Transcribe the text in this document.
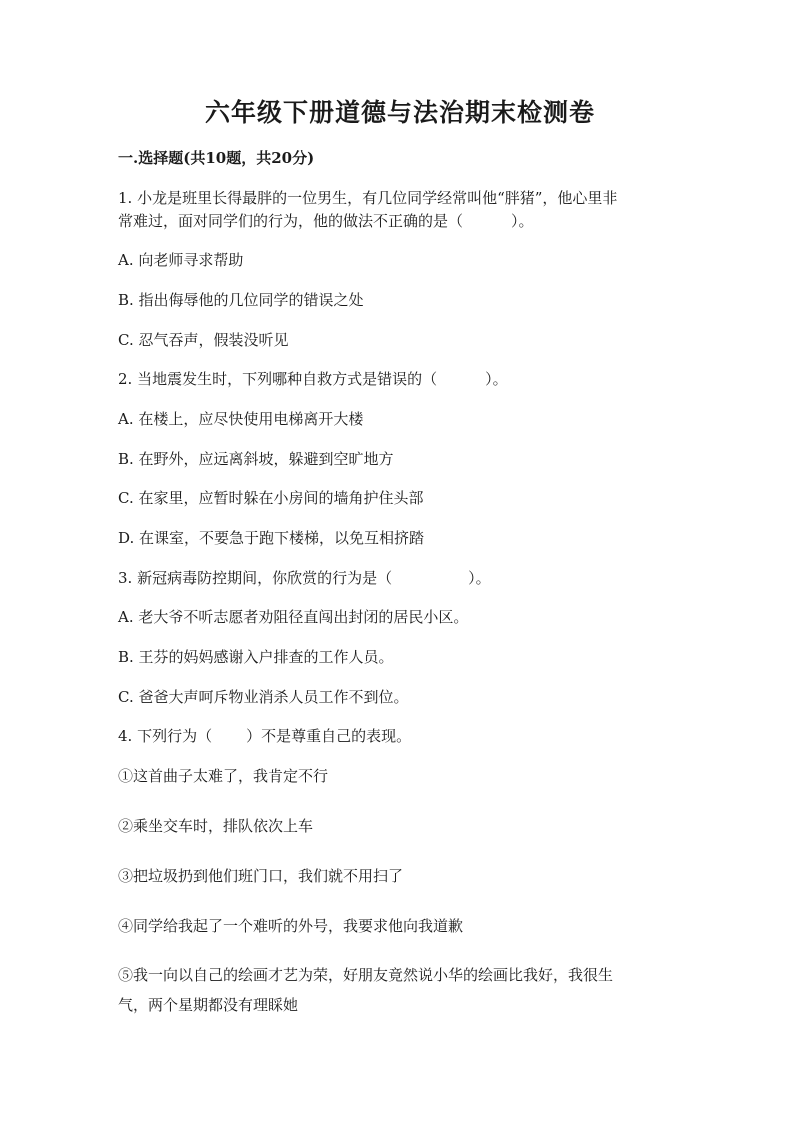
六年级下册道德与法治期末检测卷
一.选择题(共10题，共20分)
1. 小龙是班里长得最胖的一位男生，有几位同学经常叫他“胖猪”，他心里非
常难过，面对同学们的行为，他的做法不正确的是（	）。
A. 向老师寻求帮助
B. 指出侮辱他的几位同学的错误之处
C. 忍气吞声，假装没听见
2. 当地震发生时，下列哪种自救方式是错误的（	）。
A. 在楼上，应尽快使用电梯离开大楼
B. 在野外，应远离斜坡，躲避到空旷地方
C. 在家里，应暂时躲在小房间的墙角护住头部
D. 在课室，不要急于跑下楼梯，以免互相挤踏
3. 新冠病毒防控期间，你欣赏的行为是（	）。
A. 老大爷不听志愿者劝阻径直闯出封闭的居民小区。
B. 王芬的妈妈感谢入户排查的工作人员。
C. 爸爸大声呵斥物业消杀人员工作不到位。
4. 下列行为（ ）不是尊重自己的表现。
①这首曲子太难了，我肯定不行
②乘坐交车时，排队依次上车
③把垃圾扔到他们班门口，我们就不用扫了
④同学给我起了一个难听的外号，我要求他向我道歉
⑤我一向以自己的绘画才艺为荣，好朋友竟然说小华的绘画比我好，我很生
气，两个星期都没有理睬她
